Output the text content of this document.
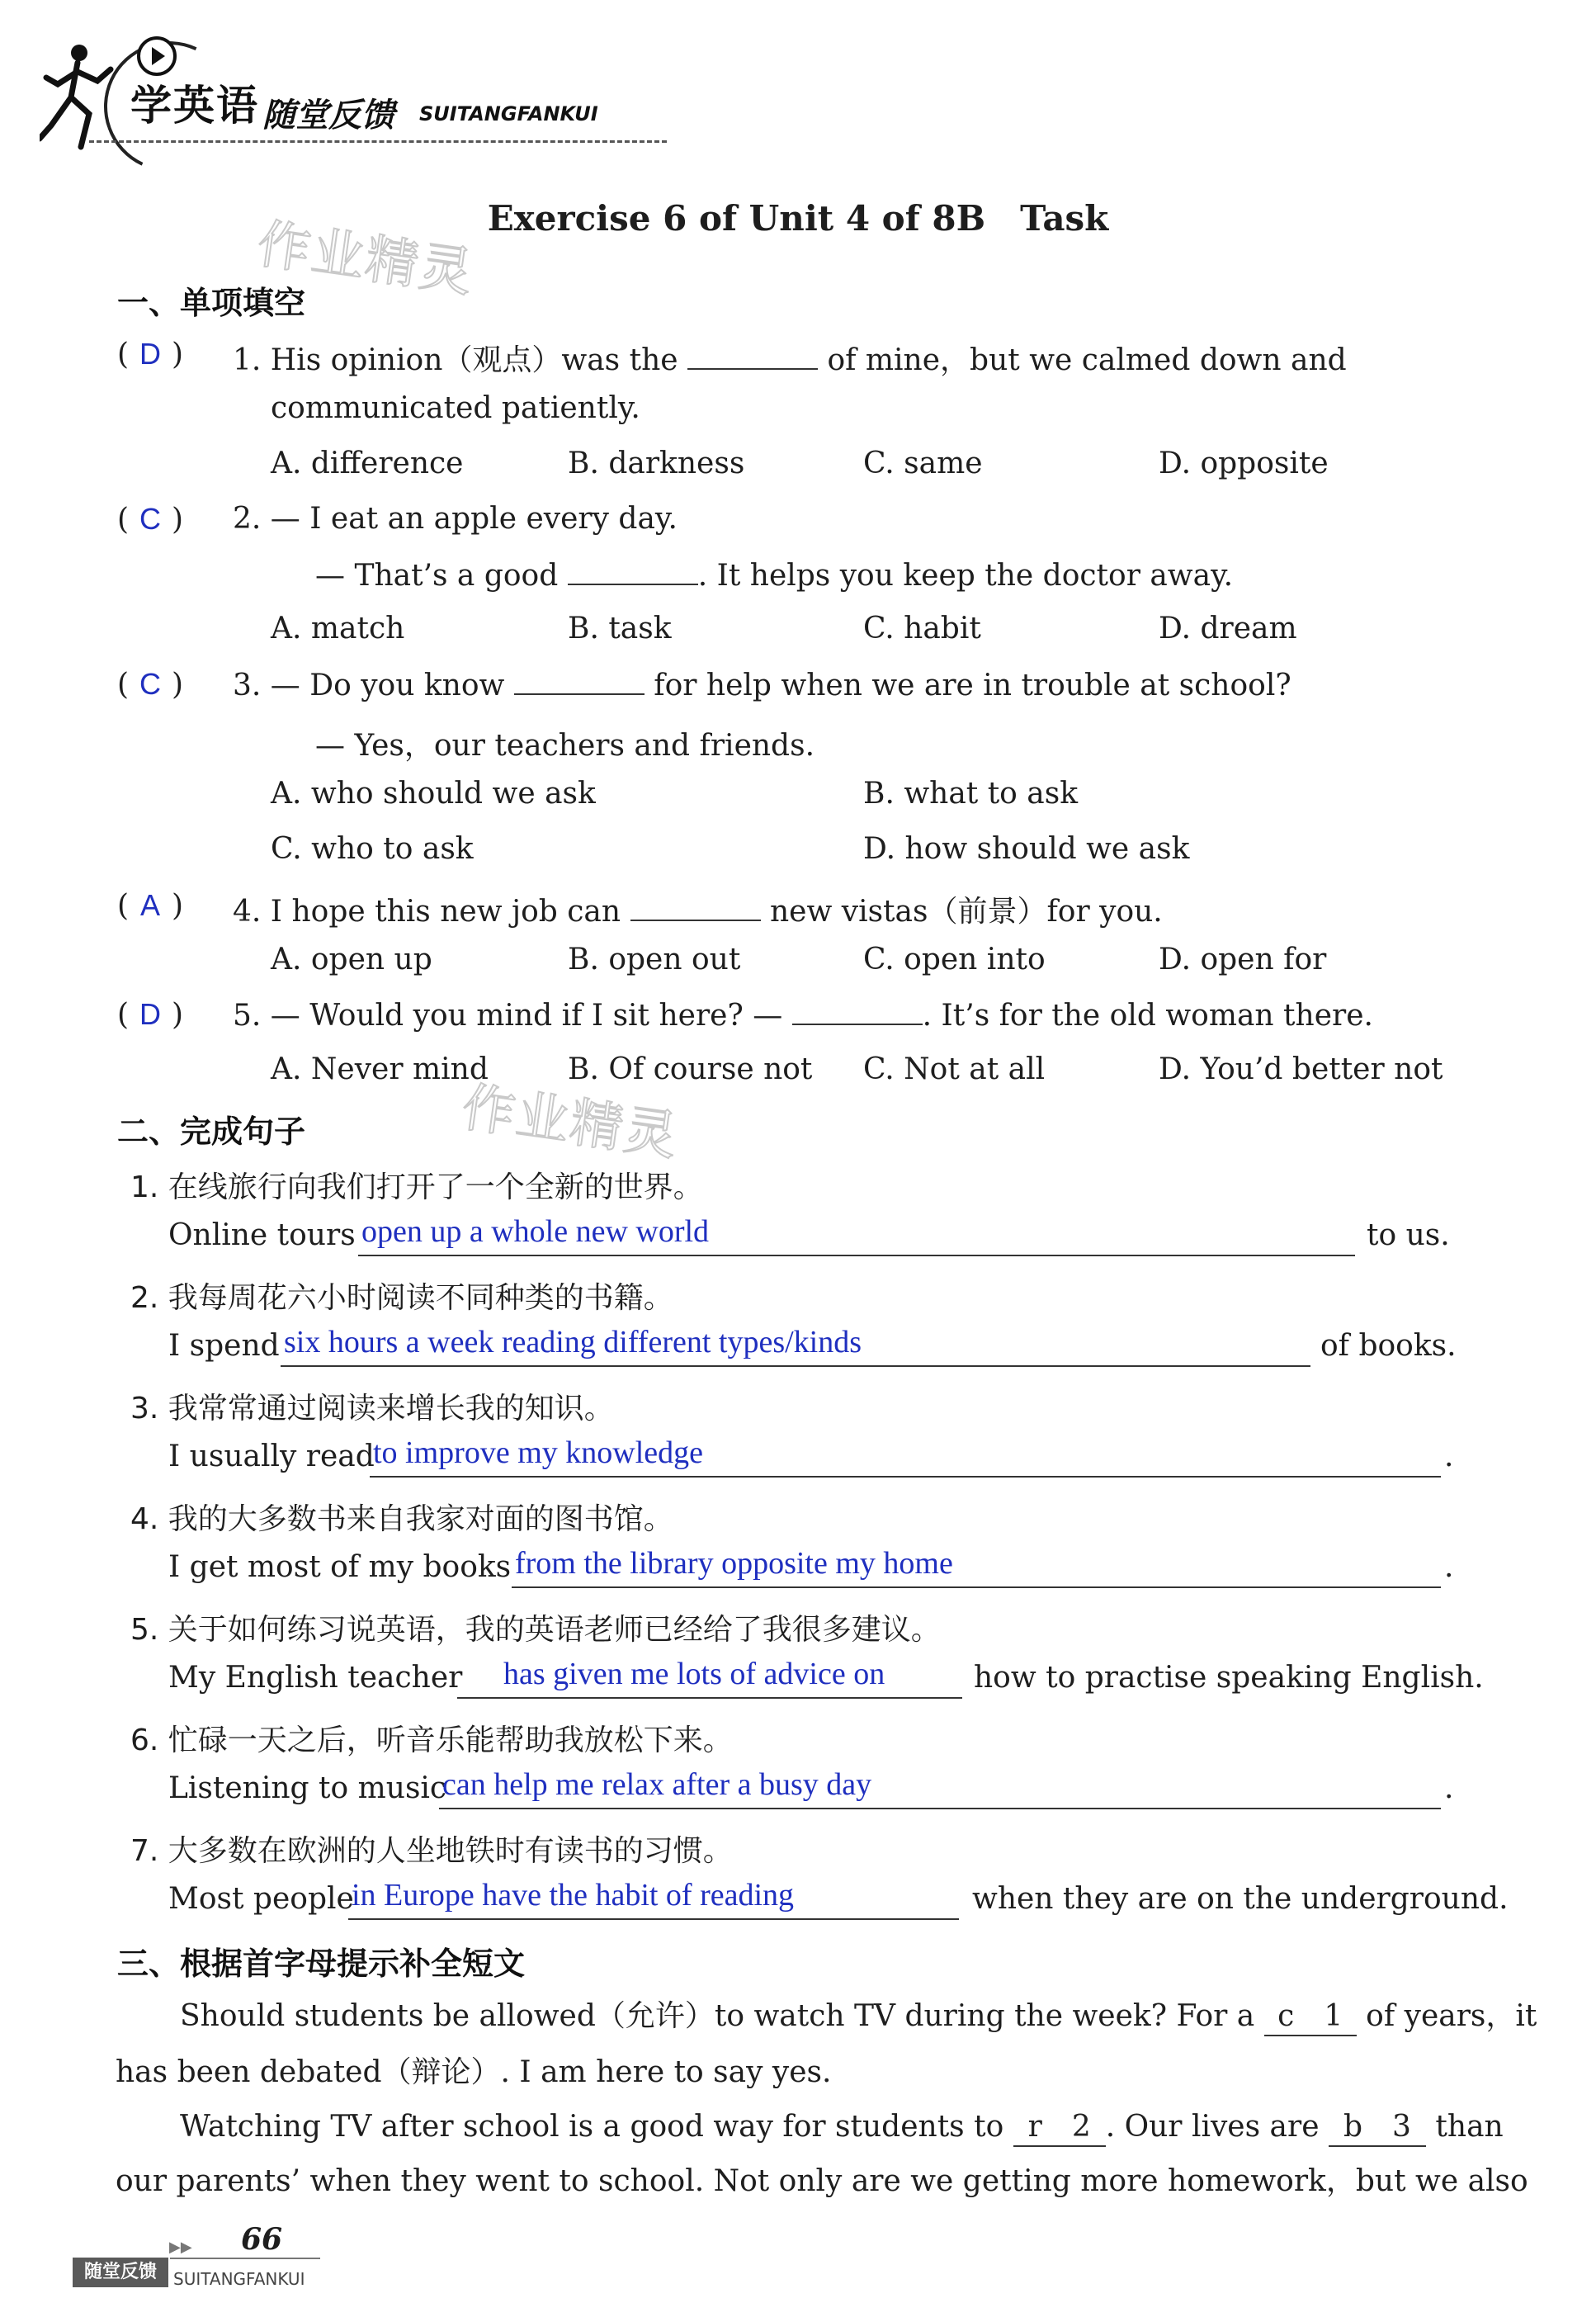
学英语 随堂反馈 SUITANGFANKUI
Exercise 6 of Unit 4 of 8B　Task
作业精灵
作业精灵
一、单项填空
( D ) 1. His opinion（观点）was the	of mine，but we calmed down and
communicated patiently.
A. difference	B. darkness	C. same	D. opposite
( C ) 2. — I eat an apple every day.
— That’s a good	. It helps you keep the doctor away.
A. match	B. task	C. habit	D. dream
( C ) 3. — Do you know	for help when we are in trouble at school?
— Yes，our teachers and friends.
A. who should we ask	B. what to ask
C. who to ask	D. how should we ask
( A ) 4. I hope this new job can	new vistas（前景）for you.
A. open up	B. open out	C. open into	D. open for
( D ) 5. — Would you mind if I sit here? —	. It’s for the old woman there.
A. Never mind	B. Of course not C. Not at all	D. You’d better not
二、完成句子
1. 在线旅行向我们打开了一个全新的世界。
Online tours open up a whole new world	to us.
2. 我每周花六小时阅读不同种类的书籍。
I spend six hours a week reading different types/kinds	of books.
3. 我常常通过阅读来增长我的知识。
I usually read
to improve my knowledge	.
4. 我的大多数书来自我家对面的图书馆。
I get most of my books from the library opposite my home	.
5. 关于如何练习说英语，我的英语老师已经给了我很多建议。
My English teacher has given me lots of advice on	how to practise speaking English.
6. 忙碌一天之后，听音乐能帮助我放松下来。
Listening to music
can help me relax after a busy day	.
7. 大多数在欧洲的人坐地铁时有读书的习惯。
Most people
in Europe have the habit of reading	when they are on the underground.
三、根据首字母提示补全短文
Should students be allowed（允许）to watch TV during the week? For a c　1 of years，it
has been debated（辩论）. I am here to say yes.
Watching TV after school is a good way for students to r　2 . Our lives are b　3 than
our parents’ when they went to school. Not only are we getting more homework，but we also
▶▶ 66
随堂反馈	SUITANGFANKUI
